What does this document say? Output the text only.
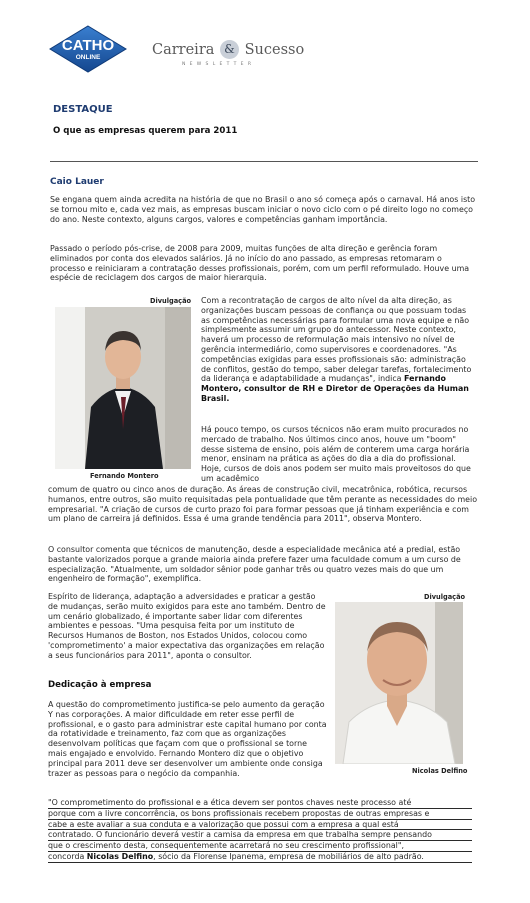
CATHO
ONLINE	Carreira & Sucesso
NEWSLETTER
DESTAQUE
O que as empresas querem para 2011
Caio Lauer

Se engana quem ainda acredita na história de que no Brasil o ano só começa após o carnaval. Há anos isto se tornou mito e, cada vez mais, as empresas buscam iniciar o novo ciclo com o pé direito logo no começo do ano. Neste contexto, alguns cargos, valores e competências ganham importância.

Passado o período pós-crise, de 2008 para 2009, muitas funções de alta direção e gerência foram eliminados por conta dos elevados salários. Já no início do ano passado, as empresas retomaram o processo e reiniciaram a contratação desses profissionais, porém, com um perfil reformulado. Houve uma espécie de reciclagem dos cargos de maior hierarquia.

Divulgação
Fernando Montero

Com a recontratação de cargos de alto nível da alta direção, as organizações buscam pessoas de confiança ou que possuam todas as competências necessárias para formular uma nova equipe e não simplesmente assumir um grupo do antecessor. Neste contexto, haverá um processo de reformulação mais intensivo no nível de gerência intermediário, como supervisores e coordenadores. "As competências exigidas para esses profissionais são: administração de conflitos, gestão do tempo, saber delegar tarefas, fortalecimento da liderança e adaptabilidade a mudanças", indica Fernando Montero, consultor de RH e Diretor de Operações da Human Brasil.

Há pouco tempo, os cursos técnicos não eram muito procurados no mercado de trabalho. Nos últimos cinco anos, houve um "boom" desse sistema de ensino, pois além de conterem uma carga horária menor, ensinam na prática as ações do dia a dia do profissional. Hoje, cursos de dois anos podem ser muito mais proveitosos do que um acadêmico

comum de quatro ou cinco anos de duração. As áreas de construção civil, mecatrônica, robótica, recursos humanos, entre outros, são muito requisitadas pela pontualidade que têm perante as necessidades do meio empresarial. "A criação de cursos de curto prazo foi para formar pessoas que já tinham experiência e com um plano de carreira já definidos. Essa é uma grande tendência para 2011", observa Montero.

O consultor comenta que técnicos de manutenção, desde a especialidade mecânica até a predial, estão bastante valorizados porque a grande maioria ainda prefere fazer uma faculdade comum a um curso de especialização. "Atualmente, um soldador sênior pode ganhar três ou quatro vezes mais do que um engenheiro de formação", exemplifica.

Espírito de liderança, adaptação a adversidades e praticar a gestão de mudanças, serão muito exigidos para este ano também. Dentro de um cenário globalizado, é importante saber lidar com diferentes ambientes e pessoas. "Uma pesquisa feita por um instituto de Recursos Humanos de Boston, nos Estados Unidos, colocou como 'comprometimento' a maior expectativa das organizações em relação a seus funcionários para 2011", aponta o consultor.

Divulgação
Nicolas Delfino
Dedicação à empresa

A questão do comprometimento justifica-se pelo aumento da geração Y nas corporações. A maior dificuldade em reter esse perfil de profissional, e o gasto para administrar este capital humano por conta da rotatividade e treinamento, faz com que as organizações desenvolvam políticas que façam com que o profissional se torne mais engajado e envolvido. Fernando Montero diz que o objetivo principal para 2011 deve ser desenvolver um ambiente onde consiga trazer as pessoas para o negócio da companhia.

"O comprometimento do profissional e a ética devem ser pontos chaves neste processo até
porque com a livre concorrência, os bons profissionais recebem propostas de outras empresas e
cabe a este avaliar a sua conduta e a valorização que possui com a empresa a qual está
contratado. O funcionário deverá vestir a camisa da empresa em que trabalha sempre pensando
que o crescimento desta, consequentemente acarretará no seu crescimento profissional",
concorda Nicolas Delfino, sócio da Florense Ipanema, empresa de mobiliários de alto padrão.
